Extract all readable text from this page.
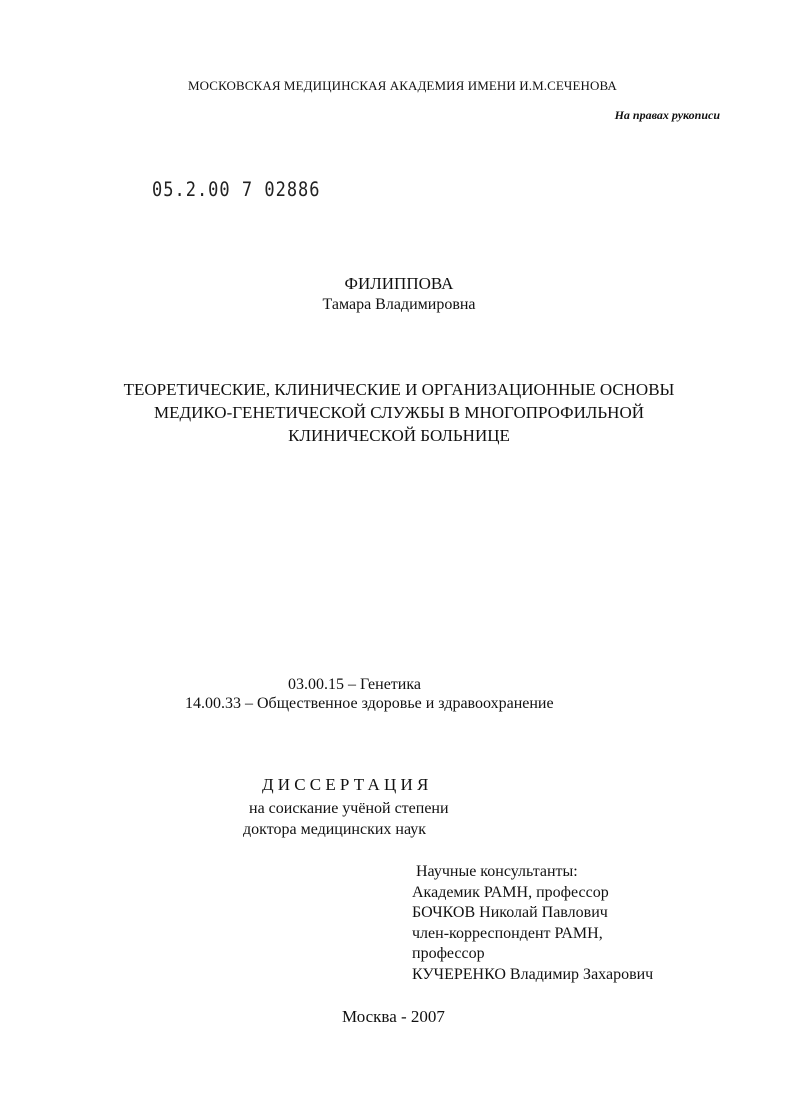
МОСКОВСКАЯ МЕДИЦИНСКАЯ АКАДЕМИЯ ИМЕНИ И.М.СЕЧЕНОВА
На правах рукописи
05.2.00 7 02886
ФИЛИППОВА
Тамара Владимировна
ТЕОРЕТИЧЕСКИЕ, КЛИНИЧЕСКИЕ И ОРГАНИЗАЦИОННЫЕ ОСНОВЫ
МЕДИКО-ГЕНЕТИЧЕСКОЙ СЛУЖБЫ В МНОГОПРОФИЛЬНОЙ
КЛИНИЧЕСКОЙ БОЛЬНИЦЕ
03.00.15 – Генетика
14.00.33 – Общественное здоровье и здравоохранение
ДИССЕРТАЦИЯ
на соискание учёной степени
доктора медицинских наук
Научные консультанты:
Академик РАМН, профессор
БОЧКОВ Николай Павлович
член-корреспондент РАМН,
профессор
КУЧЕРЕНКО Владимир Захарович
Москва - 2007
